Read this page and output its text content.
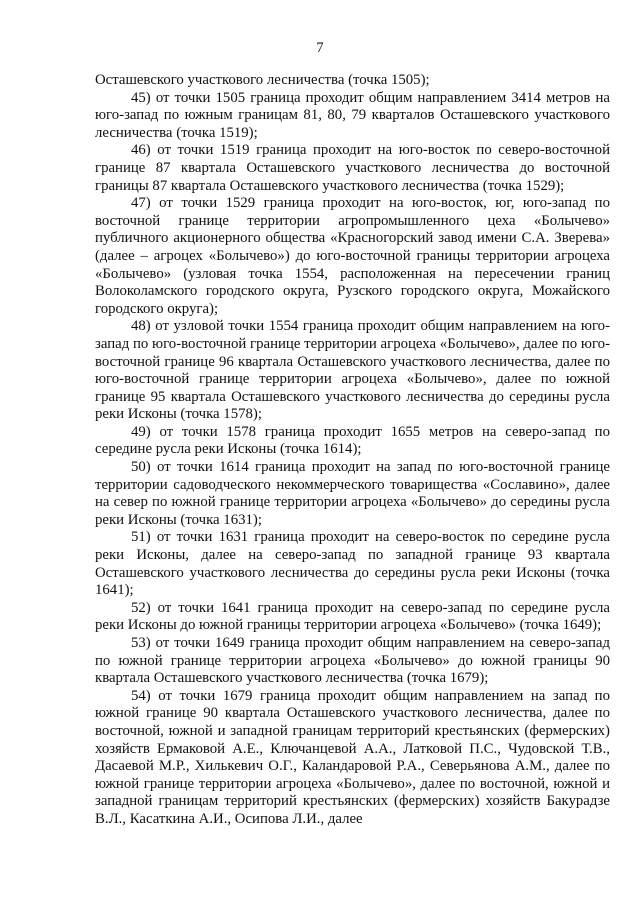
7

Осташевского участкового лесничества (точка 1505);

45) от точки 1505 граница проходит общим направлением 3414 метров на юго-запад по южным границам 81, 80, 79 кварталов Осташевского участкового лесничества (точка 1519);

46) от точки 1519 граница проходит на юго-восток по северо-восточной границе 87 квартала Осташевского участкового лесничества до восточной границы 87 квартала Осташевского участкового лесничества (точка 1529);

47) от точки 1529 граница проходит на юго-восток, юг, юго-запад по восточной границе территории агропромышленного цеха «Болычево» публичного акционерного общества «Красногорский завод имени С.А. Зверева» (далее – агроцех «Болычево») до юго-восточной границы территории агроцеха «Болычево» (узловая точка 1554, расположенная на пересечении границ Волоколамского городского округа, Рузского городского округа, Можайского городского округа);

48) от узловой точки 1554 граница проходит общим направлением на юго-запад по юго-восточной границе территории агроцеха «Болычево», далее по юго-восточной границе 96 квартала Осташевского участкового лесничества, далее по юго-восточной границе территории агроцеха «Болычево», далее по южной границе 95 квартала Осташевского участкового лесничества до середины русла реки Исконы (точка 1578);

49) от точки 1578 граница проходит 1655 метров на северо-запад по середине русла реки Исконы (точка 1614);

50) от точки 1614 граница проходит на запад по юго-восточной границе территории садоводческого некоммерческого товарищества «Сославино», далее на север по южной границе территории агроцеха «Болычево» до середины русла реки Исконы (точка 1631);

51) от точки 1631 граница проходит на северо-восток по середине русла реки Исконы, далее на северо-запад по западной границе 93 квартала Осташевского участкового лесничества до середины русла реки Исконы (точка 1641);

52) от точки 1641 граница проходит на северо-запад по середине русла реки Исконы до южной границы территории агроцеха «Болычево» (точка 1649);

53) от точки 1649 граница проходит общим направлением на северо-запад по южной границе территории агроцеха «Болычево» до южной границы 90 квартала Осташевского участкового лесничества (точка 1679);

54) от точки 1679 граница проходит общим направлением на запад по южной границе 90 квартала Осташевского участкового лесничества, далее по восточной, южной и западной границам территорий крестьянских (фермерских) хозяйств Ермаковой А.Е., Ключанцевой А.А., Латковой П.С., Чудовской Т.В., Дасаевой М.Р., Хилькевич О.Г., Каландаровой Р.А., Северьянова А.М., далее по южной границе территории агроцеха «Болычево», далее по восточной, южной и западной границам территорий крестьянских (фермерских) хозяйств Бакурадзе В.Л., Касаткина А.И., Осипова Л.И., далее
